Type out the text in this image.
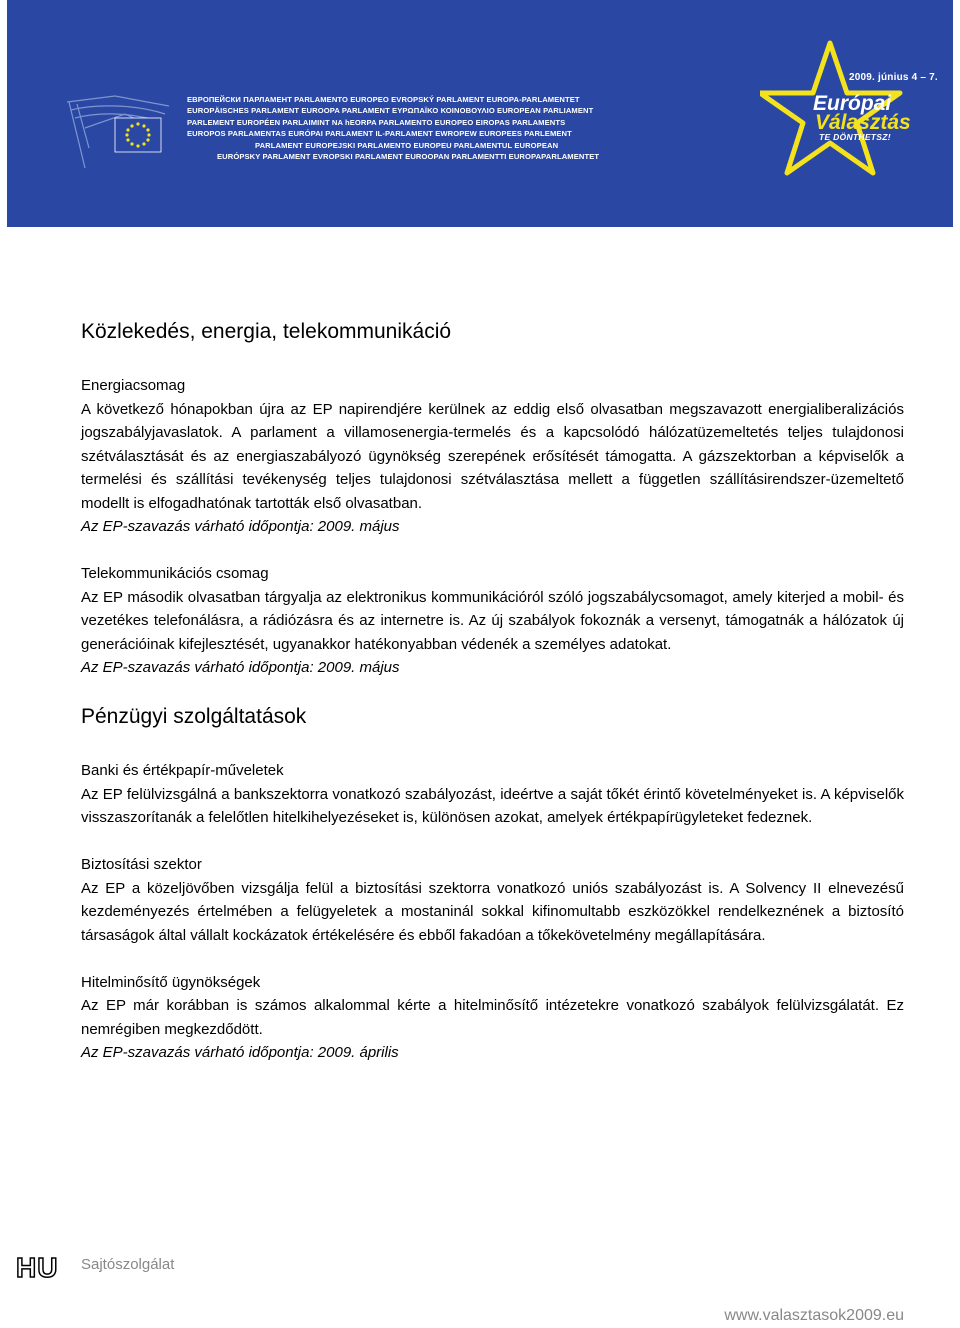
ЕВРОПЕЙСКИ ПАРЛАМЕНТ PARLAMENTO EUROPEO EVROPSKÝ PARLAMENT EUROPA-PARLAMENTET
EUROPÄISCHES PARLAMENT EUROOPA PARLAMENT ΕΥΡΩΠΑΪΚΟ ΚΟΙΝΟΒΟΥΛΙΟ EUROPEAN PARLIAMENT
PARLEMENT EUROPÉEN PARLAIMINT NA hEORPA PARLAMENTO EUROPEO EIROPAS PARLAMENTS
EUROPOS PARLAMENTAS EURÓPAI PARLAMENT IL-PARLAMENT EWROPEW EUROPEES PARLEMENT
PARLAMENT EUROPEJSKI PARLAMENTO EUROPEU PARLAMENTUL EUROPEAN
EURÓPSKY PARLAMENT EVROPSKI PARLAMENT EUROOPAN PARLAMENTTI EUROPAPARLAMENTET
2009. június 4 – 7.
Európai
Választás
TE DÖNTHETSZ!
Közlekedés, energia, telekommunikáció

Energiacsomag

A következő hónapokban újra az EP napirendjére kerülnek az eddig első olvasatban megszavazott energialiberalizációs jogszabályjavaslatok. A parlament a villamosenergia-termelés és a kapcsolódó hálózatüzemeltetés teljes tulajdonosi szétválasztását és az energiaszabályozó ügynökség szerepének erősítését támogatta. A gázszektorban a képviselők a termelési és szállítási tevékenység teljes tulajdonosi szétválasztása mellett a független szállításirendszer-üzemeltető modellt is elfogadhatónak tartották első olvasatban.
Az EP-szavazás várható időpontja: 2009. május

Telekommunikációs csomag

Az EP második olvasatban tárgyalja az elektronikus kommunikációról szóló jogszabálycsomagot, amely kiterjed a mobil- és vezetékes telefonálásra, a rádiózásra és az internetre is. Az új szabályok fokoznák a versenyt, támogatnák a hálózatok új generációinak kifejlesztését, ugyanakkor hatékonyabban védenék a személyes adatokat.
Az EP-szavazás várható időpontja: 2009. május

Pénzügyi szolgáltatások

Banki és értékpapír-műveletek

Az EP felülvizsgálná a bankszektorra vonatkozó szabályozást, ideértve a saját tőkét érintő követelményeket is. A képviselők visszaszorítanák a felelőtlen hitelkihelyezéseket is, különösen azokat, amelyek értékpapírügyleteket fedeznek.

Biztosítási szektor

Az EP a közeljövőben vizsgálja felül a biztosítási szektorra vonatkozó uniós szabályozást is. A Solvency II elnevezésű kezdeményezés értelmében a felügyeletek a mostaninál sokkal kifinomultabb eszközökkel rendelkeznének a biztosító társaságok által vállalt kockázatok értékelésére és ebből fakadóan a tőkekövetelmény megállapítására.

Hitelminősítő ügynökségek

Az EP már korábban is számos alkalommal kérte a hitelminősítő intézetekre vonatkozó szabályok felülvizsgálatát. Ez nemrégiben megkezdődött.
Az EP-szavazás várható időpontja: 2009. április

HU Sajtószolgálat
www.valasztasok2009.eu
